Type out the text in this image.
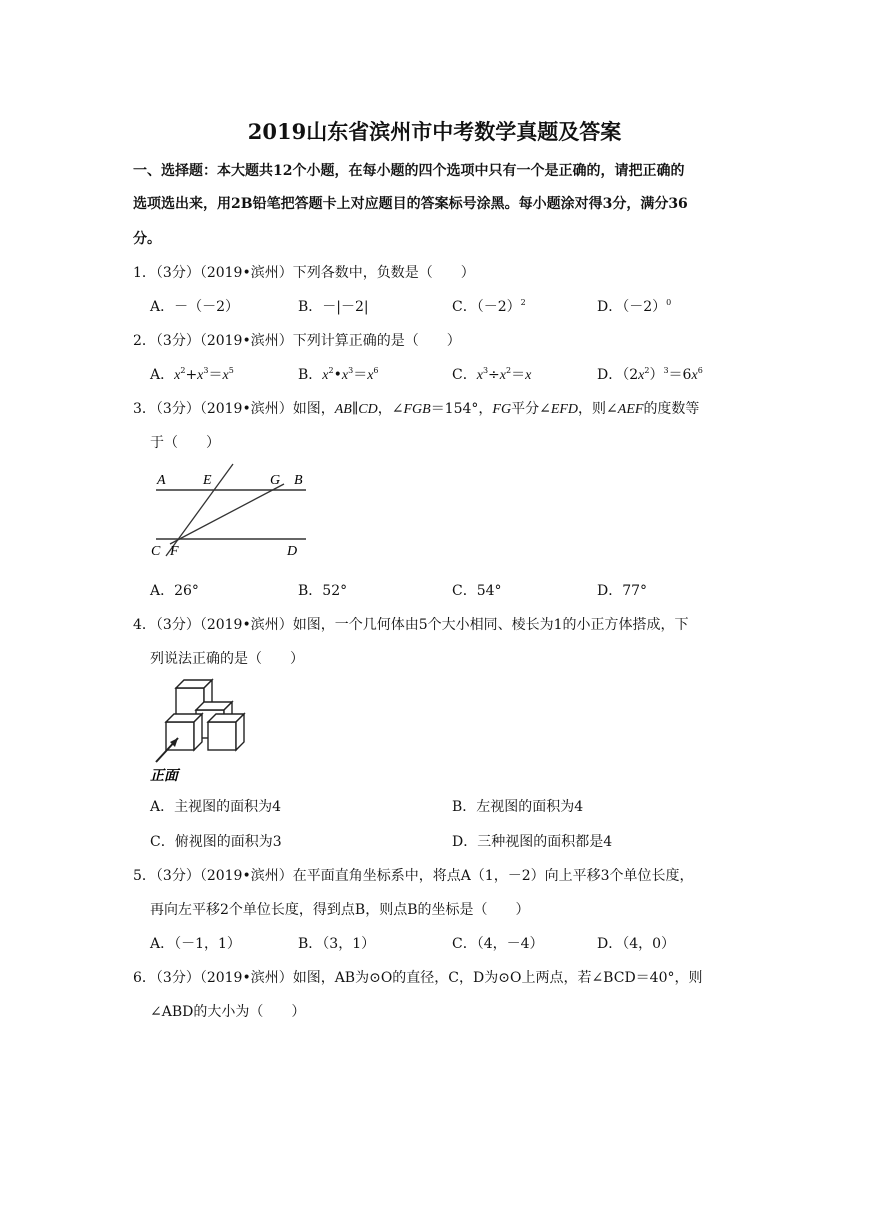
2019山东省滨州市中考数学真题及答案
一、选择题：本大题共12个小题，在每小题的四个选项中只有一个是正确的，请把正确的
选项选出来，用2B铅笔把答题卡上对应题目的答案标号涂黑。每小题涂对得3分，满分36
分。
1．（3分）（2019•滨州）下列各数中，负数是（　　）
A．－（－2）	B．－|－2|	C．$(-2)^2$	D．$(-2)^0$
2．（3分）（2019•滨州）下列计算正确的是（　　）
A．$x^2+x^3=x^5$	B．$x^2•x^3=x^6$	C．$x^3\div x^2=x$	D．$(2x^2)^3=6x^6$
3．（3分）（2019•滨州）如图，AB∥CD，∠FGB＝154°，FG平分∠EFD，则∠AEF的度数等
于（　　）
A	E	G B
C F	D
A．26°	B．52°	C．54°	D．77°
4．（3分）（2019•滨州）如图，一个几何体由5个大小相同、棱长为1的小正方体搭成，下
列说法正确的是（　　）
正面
A．主视图的面积为4	B．左视图的面积为4
C．俯视图的面积为3	D．三种视图的面积都是4
5．（3分）（2019•滨州）在平面直角坐标系中，将点A（1，－2）向上平移3个单位长度，
再向左平移2个单位长度，得到点B，则点B的坐标是（　　）
A．（－1，1）	B．（3，1）	C．（4，－4）	D．（4，0）
6．（3分）（2019•滨州）如图，AB为⊙O的直径，C，D为⊙O上两点，若∠BCD＝40°，则
∠ABD的大小为（　　）
